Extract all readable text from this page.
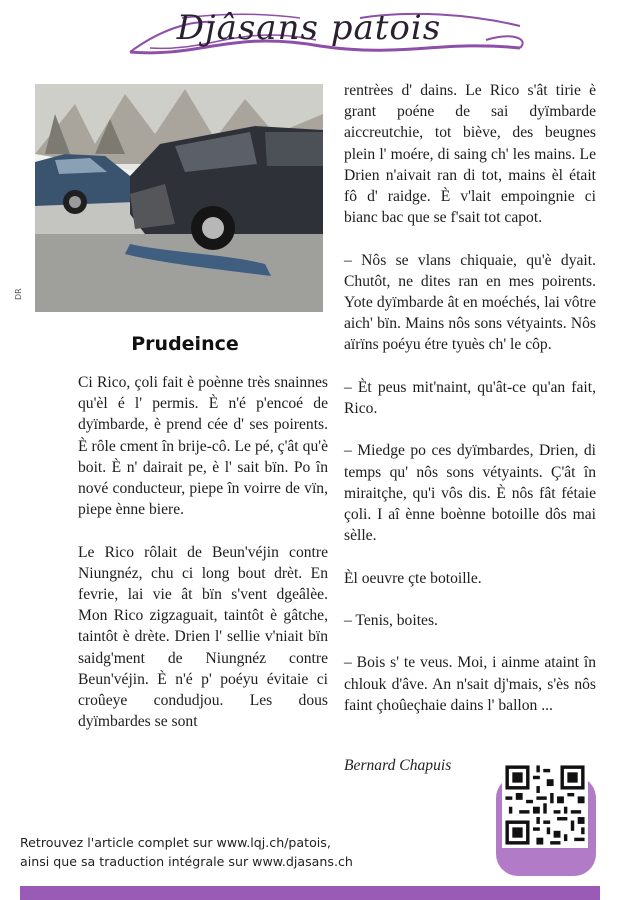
Djâsans patois
DR
Prudeince

Ci Rico, çoli fait è poènne très snainnes qu'èl é l' permis. È n'é p'encoé de dyïmbarde, è prend cée d' ses poirents. È rôle cment în brije-cô. Le pé, ç'ât qu'è boit. È n' dairait pe, è l' sait bïn. Po în nové conducteur, piepe în voirre de vïn, piepe ènne biere.

Le Rico rôlait de Beun'véjin contre Niungnéz, chu ci long bout drèt. En fevrie, lai vie ât bïn s'vent dgeâlèe. Mon Rico zigzaguait, taintôt è gâtche, taintôt è drète. Drien l' sellie v'niait bïn saidg'ment de Niungnéz contre Beun'véjin. È n'é p' poéyu évitaie ci croûeye condudjou. Les dous dyïmbardes se sont

rentrèes d' dains. Le Rico s'ât tirie è grant poéne de sai dyïmbarde aiccreutchie, tot biève, des beugnes plein l' moére, di saing ch' les mains. Le Drien n'aivait ran di tot, mains èl était fô d' raidge. È v'lait empoingnie ci bianc bac que se f'sait tot capot.

– Nôs se vlans chiquaie, qu'è dyait. Chutôt, ne dites ran en mes poirents. Yote dyïmbarde ât en moéchés, lai vôtre aich' bïn. Mains nôs sons vétyaints. Nôs aïrïns poéyu étre tyuès ch' le côp.

– Èt peus mit'naint, qu'ât-ce qu'an fait, Rico.

– Miedge po ces dyïmbardes, Drien, di temps qu' nôs sons vétyaints. Ç'ât în miraitçhe, qu'i vôs dis. È nôs fât fétaie çoli. I aî ènne boènne botoille dôs mai sèlle.

Èl oeuvre çte botoille.

– Tenis, boites.

– Bois s' te veus. Moi, i ainme ataint în chlouk d'âve. An n'sait dj'mais, s'ès nôs faint çhoûeçhaie dains l' ballon ...

Bernard Chapuis
Retrouvez l'article complet sur www.lqj.ch/patois,
ainsi que sa traduction intégrale sur www.djasans.ch
